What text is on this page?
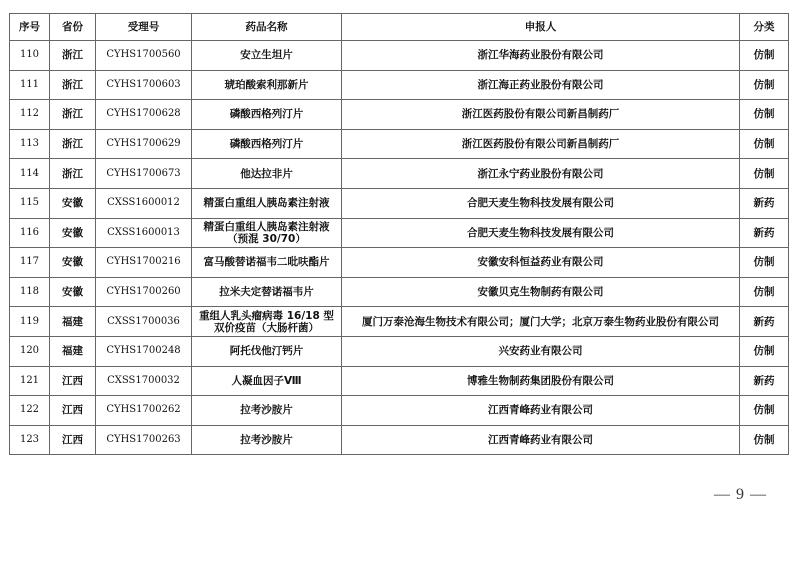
序号	省份	受理号	药品名称	申报人	分类
110	浙江	CYHS1700560	安立生坦片	浙江华海药业股份有限公司	仿制
111	浙江	CYHS1700603	琥珀酸索利那新片	浙江海正药业股份有限公司	仿制
112	浙江	CYHS1700628	磷酸西格列汀片	浙江医药股份有限公司新昌制药厂	仿制
113	浙江	CYHS1700629	磷酸西格列汀片	浙江医药股份有限公司新昌制药厂	仿制
114	浙江	CYHS1700673	他达拉非片	浙江永宁药业股份有限公司	仿制
115	安徽	CXSS1600012	精蛋白重组人胰岛素注射液	合肥天麦生物科技发展有限公司	新药
116	安徽	CXSS1600013	精蛋白重组人胰岛素注射液（预混 30/70）	合肥天麦生物科技发展有限公司	新药
117	安徽	CYHS1700216	富马酸替诺福韦二吡呋酯片	安徽安科恒益药业有限公司	仿制
118	安徽	CYHS1700260	拉米夫定替诺福韦片	安徽贝克生物制药有限公司	仿制
119	福建	CXSS1700036	重组人乳头瘤病毒 16/18 型双价疫苗（大肠杆菌）	厦门万泰沧海生物技术有限公司；厦门大学；北京万泰生物药业股份有限公司	新药
120	福建	CYHS1700248	阿托伐他汀钙片	兴安药业有限公司	仿制
121	江西	CXSS1700032	人凝血因子Ⅷ	博雅生物制药集团股份有限公司	新药
122	江西	CYHS1700262	拉考沙胺片	江西青峰药业有限公司	仿制
123	江西	CYHS1700263	拉考沙胺片	江西青峰药业有限公司	仿制
— 9 —
